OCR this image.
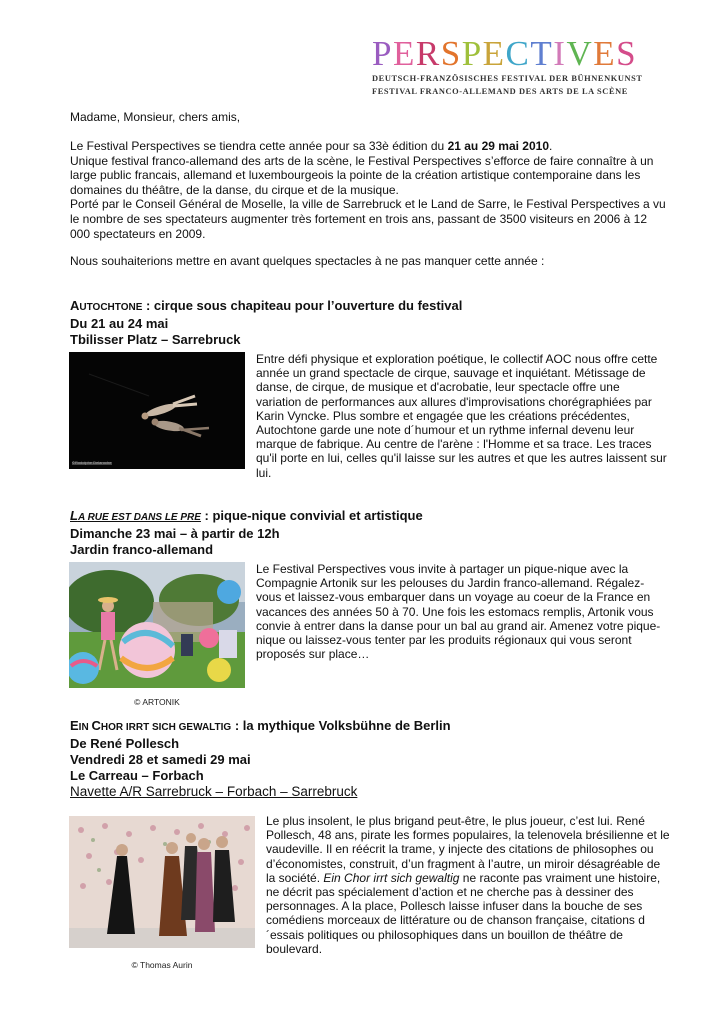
PERSPECTIVES
DEUTSCH-FRANZÖSISCHES FESTIVAL DER BÜHNENKUNST
FESTIVAL FRANCO-ALLEMAND DES ARTS DE LA SCÈNE
Madame, Monsieur, chers amis,

Le Festival Perspectives se tiendra cette année pour sa 33è édition du 21 au 29 mai 2010.

Unique festival franco-allemand des arts de la scène, le Festival Perspectives s’efforce de faire connaître à un large public francais, allemand et luxembourgeois la pointe de la création artistique contemporaine dans les domaines du théâtre, de la danse, du cirque et de la musique.

Porté par le Conseil Général de Moselle, la ville de Sarrebruck et le Land de Sarre, le Festival Perspectives a vu le nombre de ses spectateurs augmenter très fortement en trois ans, passant de 3500 visiteurs en 2006 à 12 000 spectateurs en 2009.

Nous souhaiterions mettre en avant quelques spectacles à ne pas manquer cette année :
AUTOCHTONE : cirque sous chapiteau pour l’ouverture du festival
Du 21 au 24 mai
Tbilisser Platz – Sarrebruck
©Rodolphe Delaroche
Entre défi physique et exploration poétique, le collectif AOC nous offre cette année un grand spectacle de cirque, sauvage et inquiétant. Métissage de danse, de cirque, de musique et d'acrobatie, leur spectacle offre une variation de performances aux allures d'improvisations chorégraphiées par Karin Vyncke. Plus sombre et engagée que les créations précédentes, Autochtone garde une note d´humour et un rythme infernal devenu leur marque de fabrique. Au centre de l'arène : l'Homme et sa trace. Les traces qu'il porte en lui, celles qu'il laisse sur les autres et que les autres laissent sur lui.
LA RUE EST DANS LE PRE : pique-nique convivial et artistique
Dimanche 23 mai – à partir de 12h
Jardin franco-allemand
© ARTONIK
Le Festival Perspectives vous invite à partager un pique-nique avec la Compagnie Artonik sur les pelouses du Jardin franco-allemand. Régalez-vous et laissez-vous embarquer dans un voyage au coeur de la France en vacances des années 50 à 70. Une fois les estomacs remplis, Artonik vous convie à entrer dans la danse pour un bal au grand air. Amenez votre pique-nique ou laissez-vous tenter par les produits régionaux qui vous seront proposés sur place…
EIN CHOR IRRT SICH GEWALTIG : la mythique Volksbühne de Berlin
De René Pollesch
Vendredi 28 et samedi 29 mai
Le Carreau – Forbach
Navette A/R Sarrebruck – Forbach – Sarrebruck
© Thomas Aurin

Le plus insolent, le plus brigand peut-être, le plus joueur, c’est lui. René Pollesch, 48 ans, pirate les formes populaires, la telenovela brésilienne et le vaudeville. Il en réécrit la trame, y injecte des citations de philosophes ou d’économistes, construit, d’un fragment à l’autre, un miroir désagréable de la société. Ein Chor irrt sich gewaltig ne raconte pas vraiment une histoire, ne décrit pas spécialement d’action et ne cherche pas à dessiner des personnages. A la place, Pollesch laisse infuser dans la bouche de ses comédiens morceaux de littérature ou de chanson française, citations d´essais politiques ou philosophiques dans un bouillon de théâtre de boulevard.
